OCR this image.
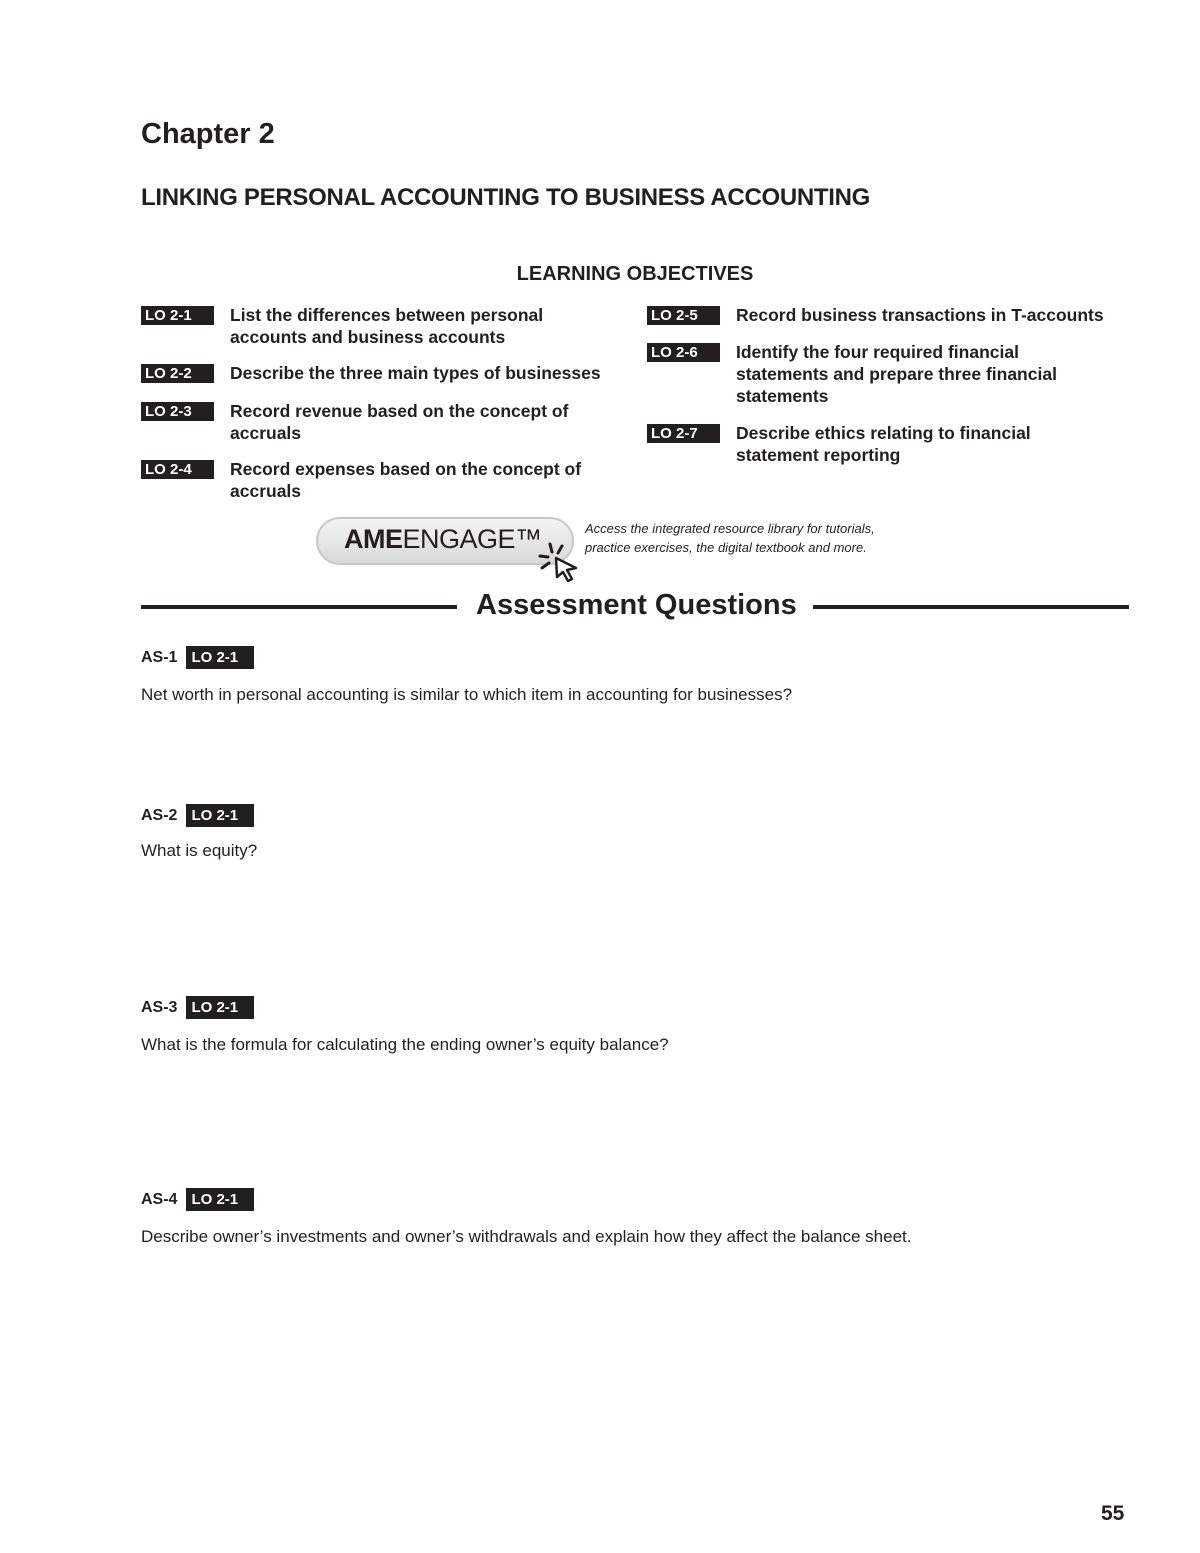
Chapter 2
LINKING PERSONAL ACCOUNTING TO BUSINESS ACCOUNTING
LEARNING OBJECTIVES
LO 2-1	List the differences between personal accounts and business accounts
LO 2-2	Describe the three main types of businesses
LO 2-3	Record revenue based on the concept of accruals
LO 2-4	Record expenses based on the concept of accruals
LO 2-5	Record business transactions in T-accounts
LO 2-6	Identify the four required financial statements and prepare three financial statements
LO 2-7	Describe ethics relating to financial statement reporting
AMEENGAGE™	Access the integrated resource library for tutorials,
practice exercises, the digital textbook and more.
Assessment Questions
AS-1 LO 2-1
Net worth in personal accounting is similar to which item in accounting for businesses?
AS-2 LO 2-1
What is equity?
AS-3 LO 2-1
What is the formula for calculating the ending owner’s equity balance?
AS-4 LO 2-1
Describe owner’s investments and owner’s withdrawals and explain how they affect the balance sheet.
55
